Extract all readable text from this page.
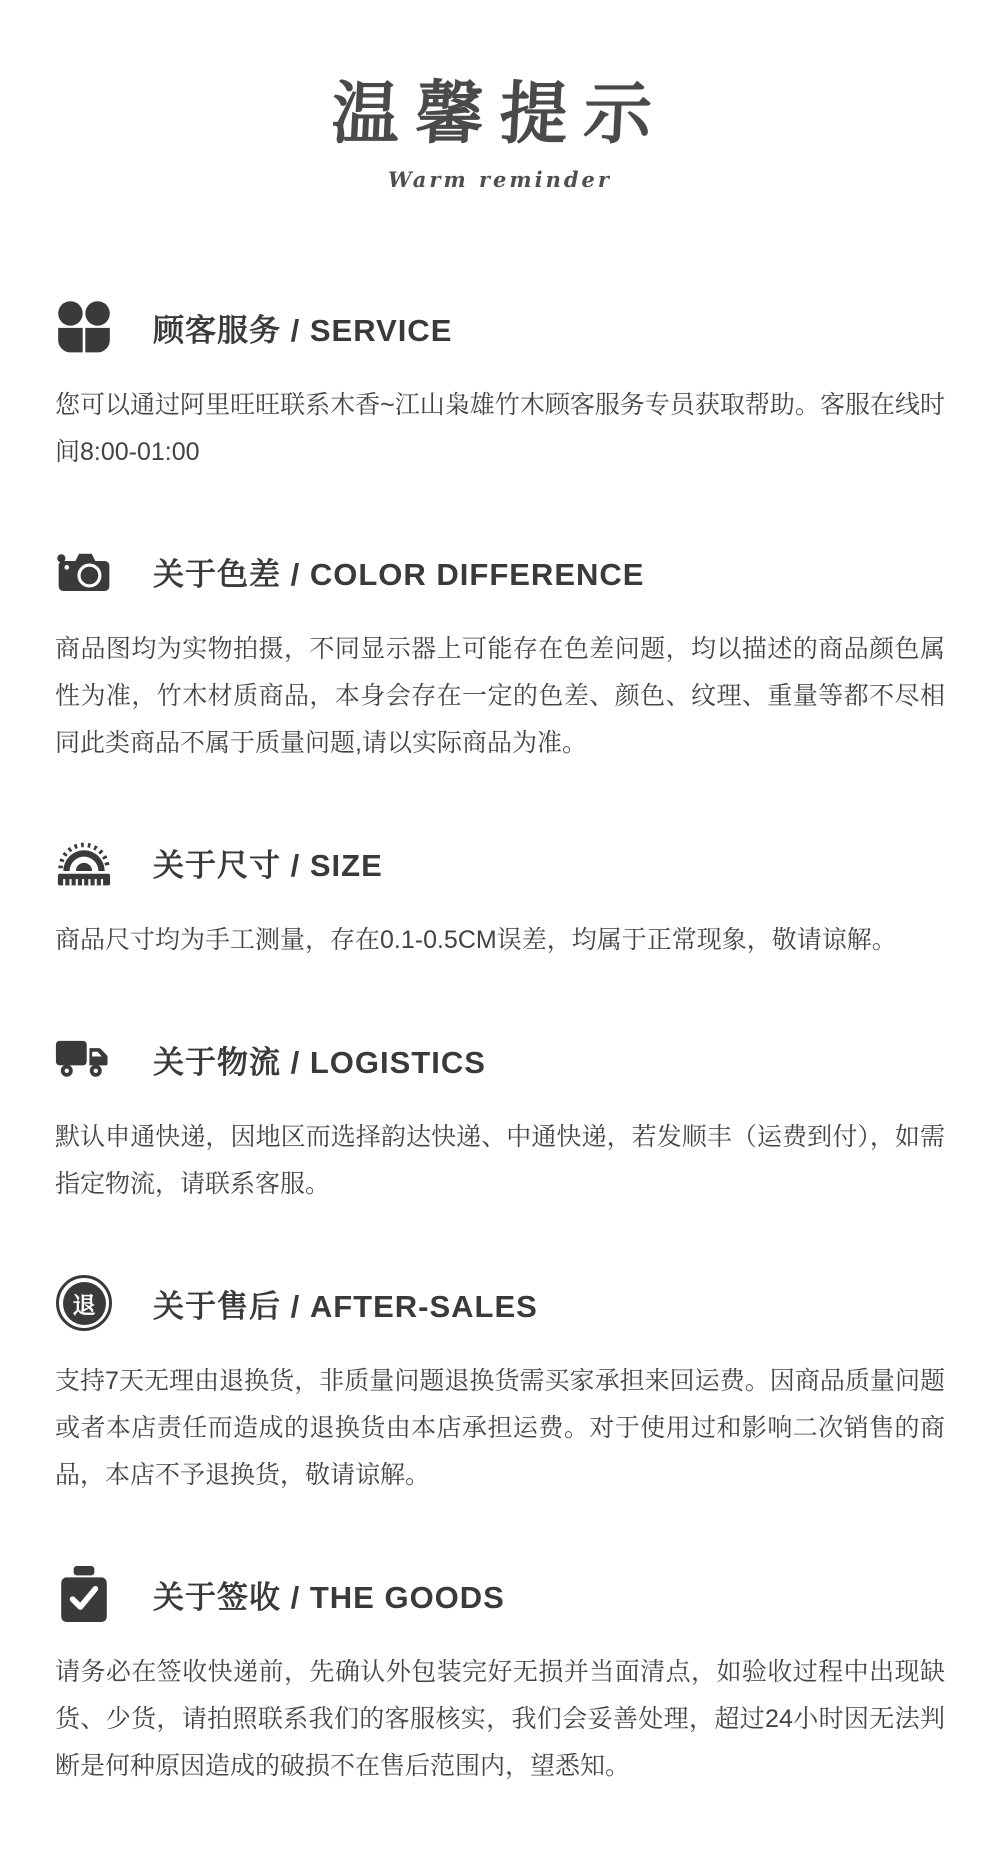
温馨提示
Warm reminder
顾客服务 / SERVICE

您可以通过阿里旺旺联系木香~江山枭雄竹木顾客服务专员获取帮助。客服在线时间8:00-01:00

关于色差 / COLOR DIFFERENCE

商品图均为实物拍摄，不同显示器上可能存在色差问题，均以描述的商品颜色属性为准，竹木材质商品，本身会存在一定的色差、颜色、纹理、重量等都不尽相同此类商品不属于质量问题,请以实际商品为准。

关于尺寸 / SIZE

商品尺寸均为手工测量，存在0.1-0.5CM误差，均属于正常现象，敬请谅解。

关于物流 / LOGISTICS

默认申通快递，因地区而选择韵达快递、中通快递，若发顺丰（运费到付），如需指定物流，请联系客服。

退	关于售后 / AFTER-SALES

支持7天无理由退换货，非质量问题退换货需买家承担来回运费。因商品质量问题或者本店责任而造成的退换货由本店承担运费。对于使用过和影响二次销售的商品，本店不予退换货，敬请谅解。

关于签收 / THE GOODS

请务必在签收快递前，先确认外包装完好无损并当面清点，如验收过程中出现缺货、少货，请拍照联系我们的客服核实，我们会妥善处理，超过24小时因无法判断是何种原因造成的破损不在售后范围内，望悉知。
